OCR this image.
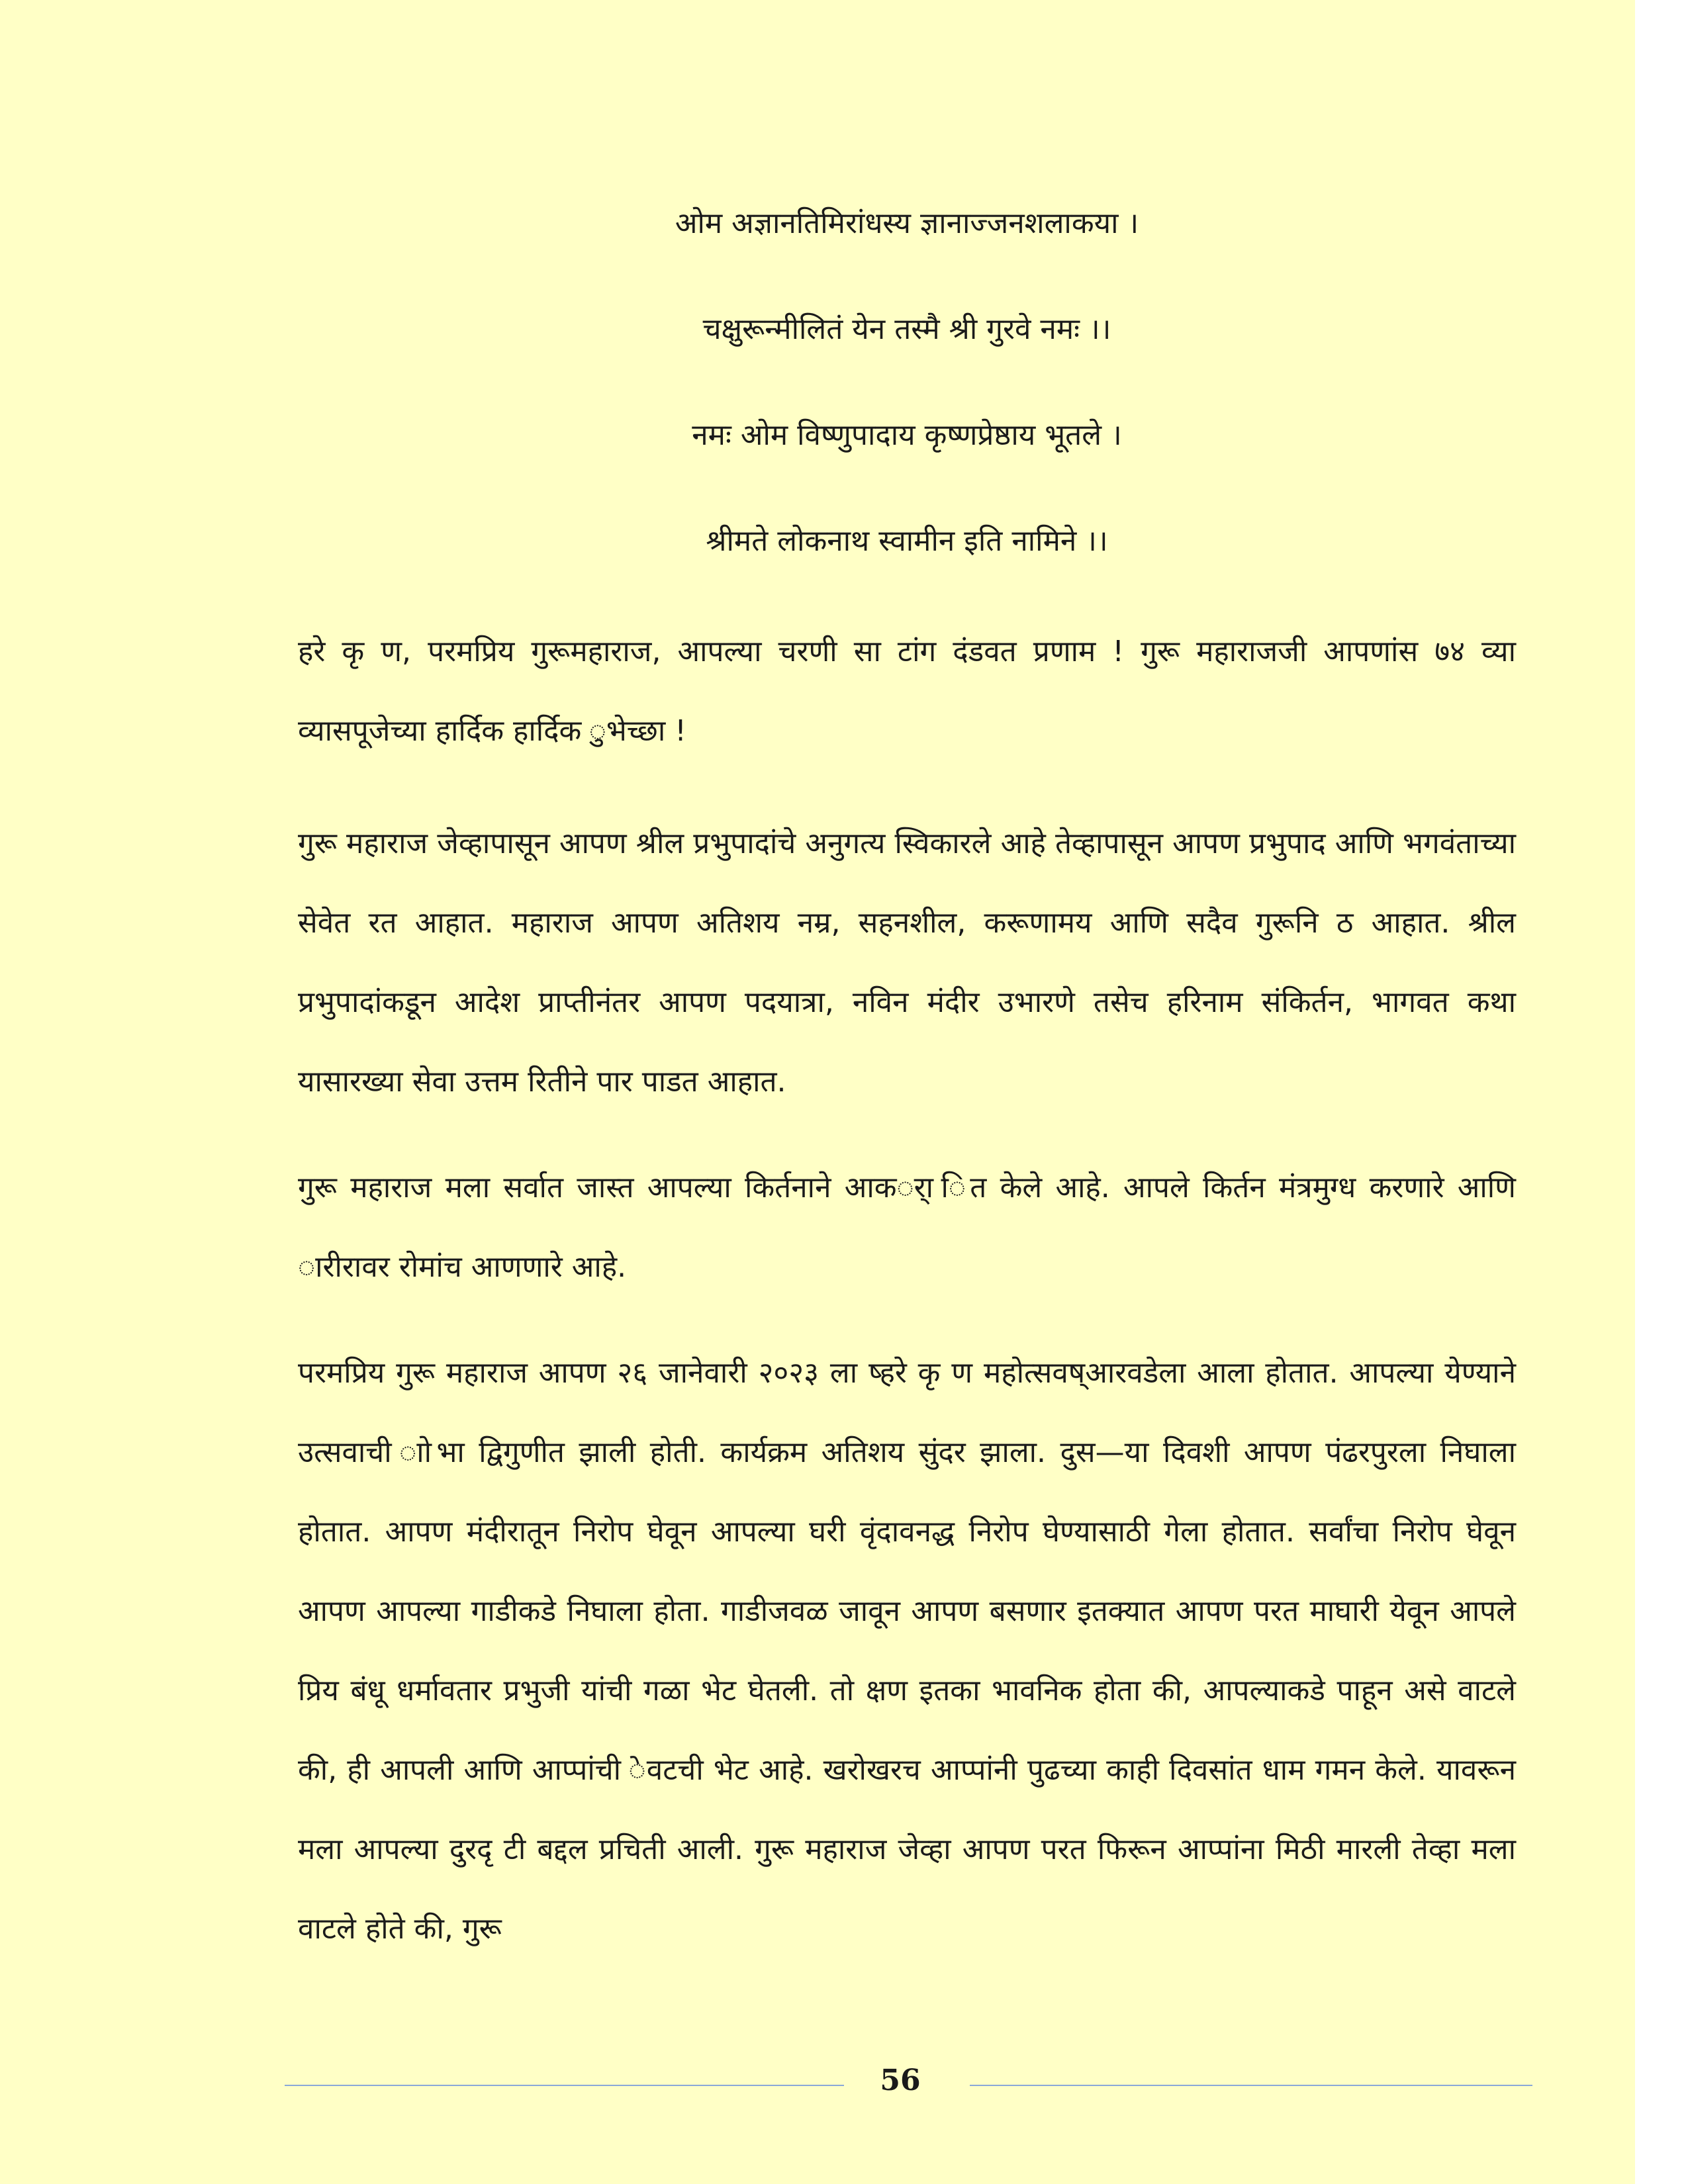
ओम अज्ञानतिमिरांधस्य ज्ञानाज्जनशलाकया ।
चक्षुरून्मीलितं येन तस्मै श्री गुरवे नमः ।।
नमः ओम विष्णुपादाय कृष्णप्रेष्ठाय भूतले ।
श्रीमते लोकनाथ स्वामीन इति नामिने ।।

हरे कृ ण, परमप्रिय गुरूमहाराज, आपल्या चरणी सा टांग दंडवत प्रणाम ! गुरू महाराजजी आपणांस ७४ व्या व्यासपूजेच्या हार्दिक हार्दिक ुभेच्छा !

गुरू महाराज जेव्हापासून आपण श्रील प्रभुपादांचे अनुगत्य स्विकारले आहे तेव्हापासून आपण प्रभुपाद आणि भगवंताच्या सेवेत रत आहात. महाराज आपण अतिशय नम्र, सहनशील, करूणामय आणि सदैव गुरूनि ठ आहात. श्रील प्रभुपादांकडून आदेश प्राप्तीनंतर आपण पदयात्रा, नविन मंदीर उभारणे तसेच हरिनाम संकिर्तन, भागवत कथा यासारख्या सेवा उत्तम रितीने पार पाडत आहात.

गुरू महाराज मला सर्वात जास्त आपल्या किर्तनाने आकर्ा ित केले आहे. आपले किर्तन मंत्रमुग्ध करणारे आणि ारीरावर रोमांच आणणारे आहे.

परमप्रिय गुरू महाराज आपण २६ जानेवारी २०२३ ला ष्हरे कृ ण महोत्सवष्आरवडेला आला होतात. आपल्या येण्याने उत्सवाची ाोभा द्विगुणीत झाली होती. कार्यक्रम अतिशय सुंदर झाला. दुस—या दिवशी आपण पंढरपुरला निघाला होतात. आपण मंदीरातून निरोप घेवून आपल्या घरी वृंदावनद्ध निरोप घेण्यासाठी गेला होतात. सर्वांचा निरोप घेवून आपण आपल्या गाडीकडे निघाला होता. गाडीजवळ जावून आपण बसणार इतक्यात आपण परत माघारी येवून आपले प्रिय बंधू धर्मावतार प्रभुजी यांची गळा भेट घेतली. तो क्षण इतका भावनिक होता की, आपल्याकडे पाहून असे वाटले की, ही आपली आणि आप्पांची ेवटची भेट आहे. खरोखरच आप्पांनी पुढच्या काही दिवसांत धाम गमन केले. यावरून मला आपल्या दुरदृ टी बद्दल प्रचिती आली. गुरू महाराज जेव्हा आपण परत फिरून आप्पांना मिठी मारली तेव्हा मला वाटले होते की, गुरू

56
